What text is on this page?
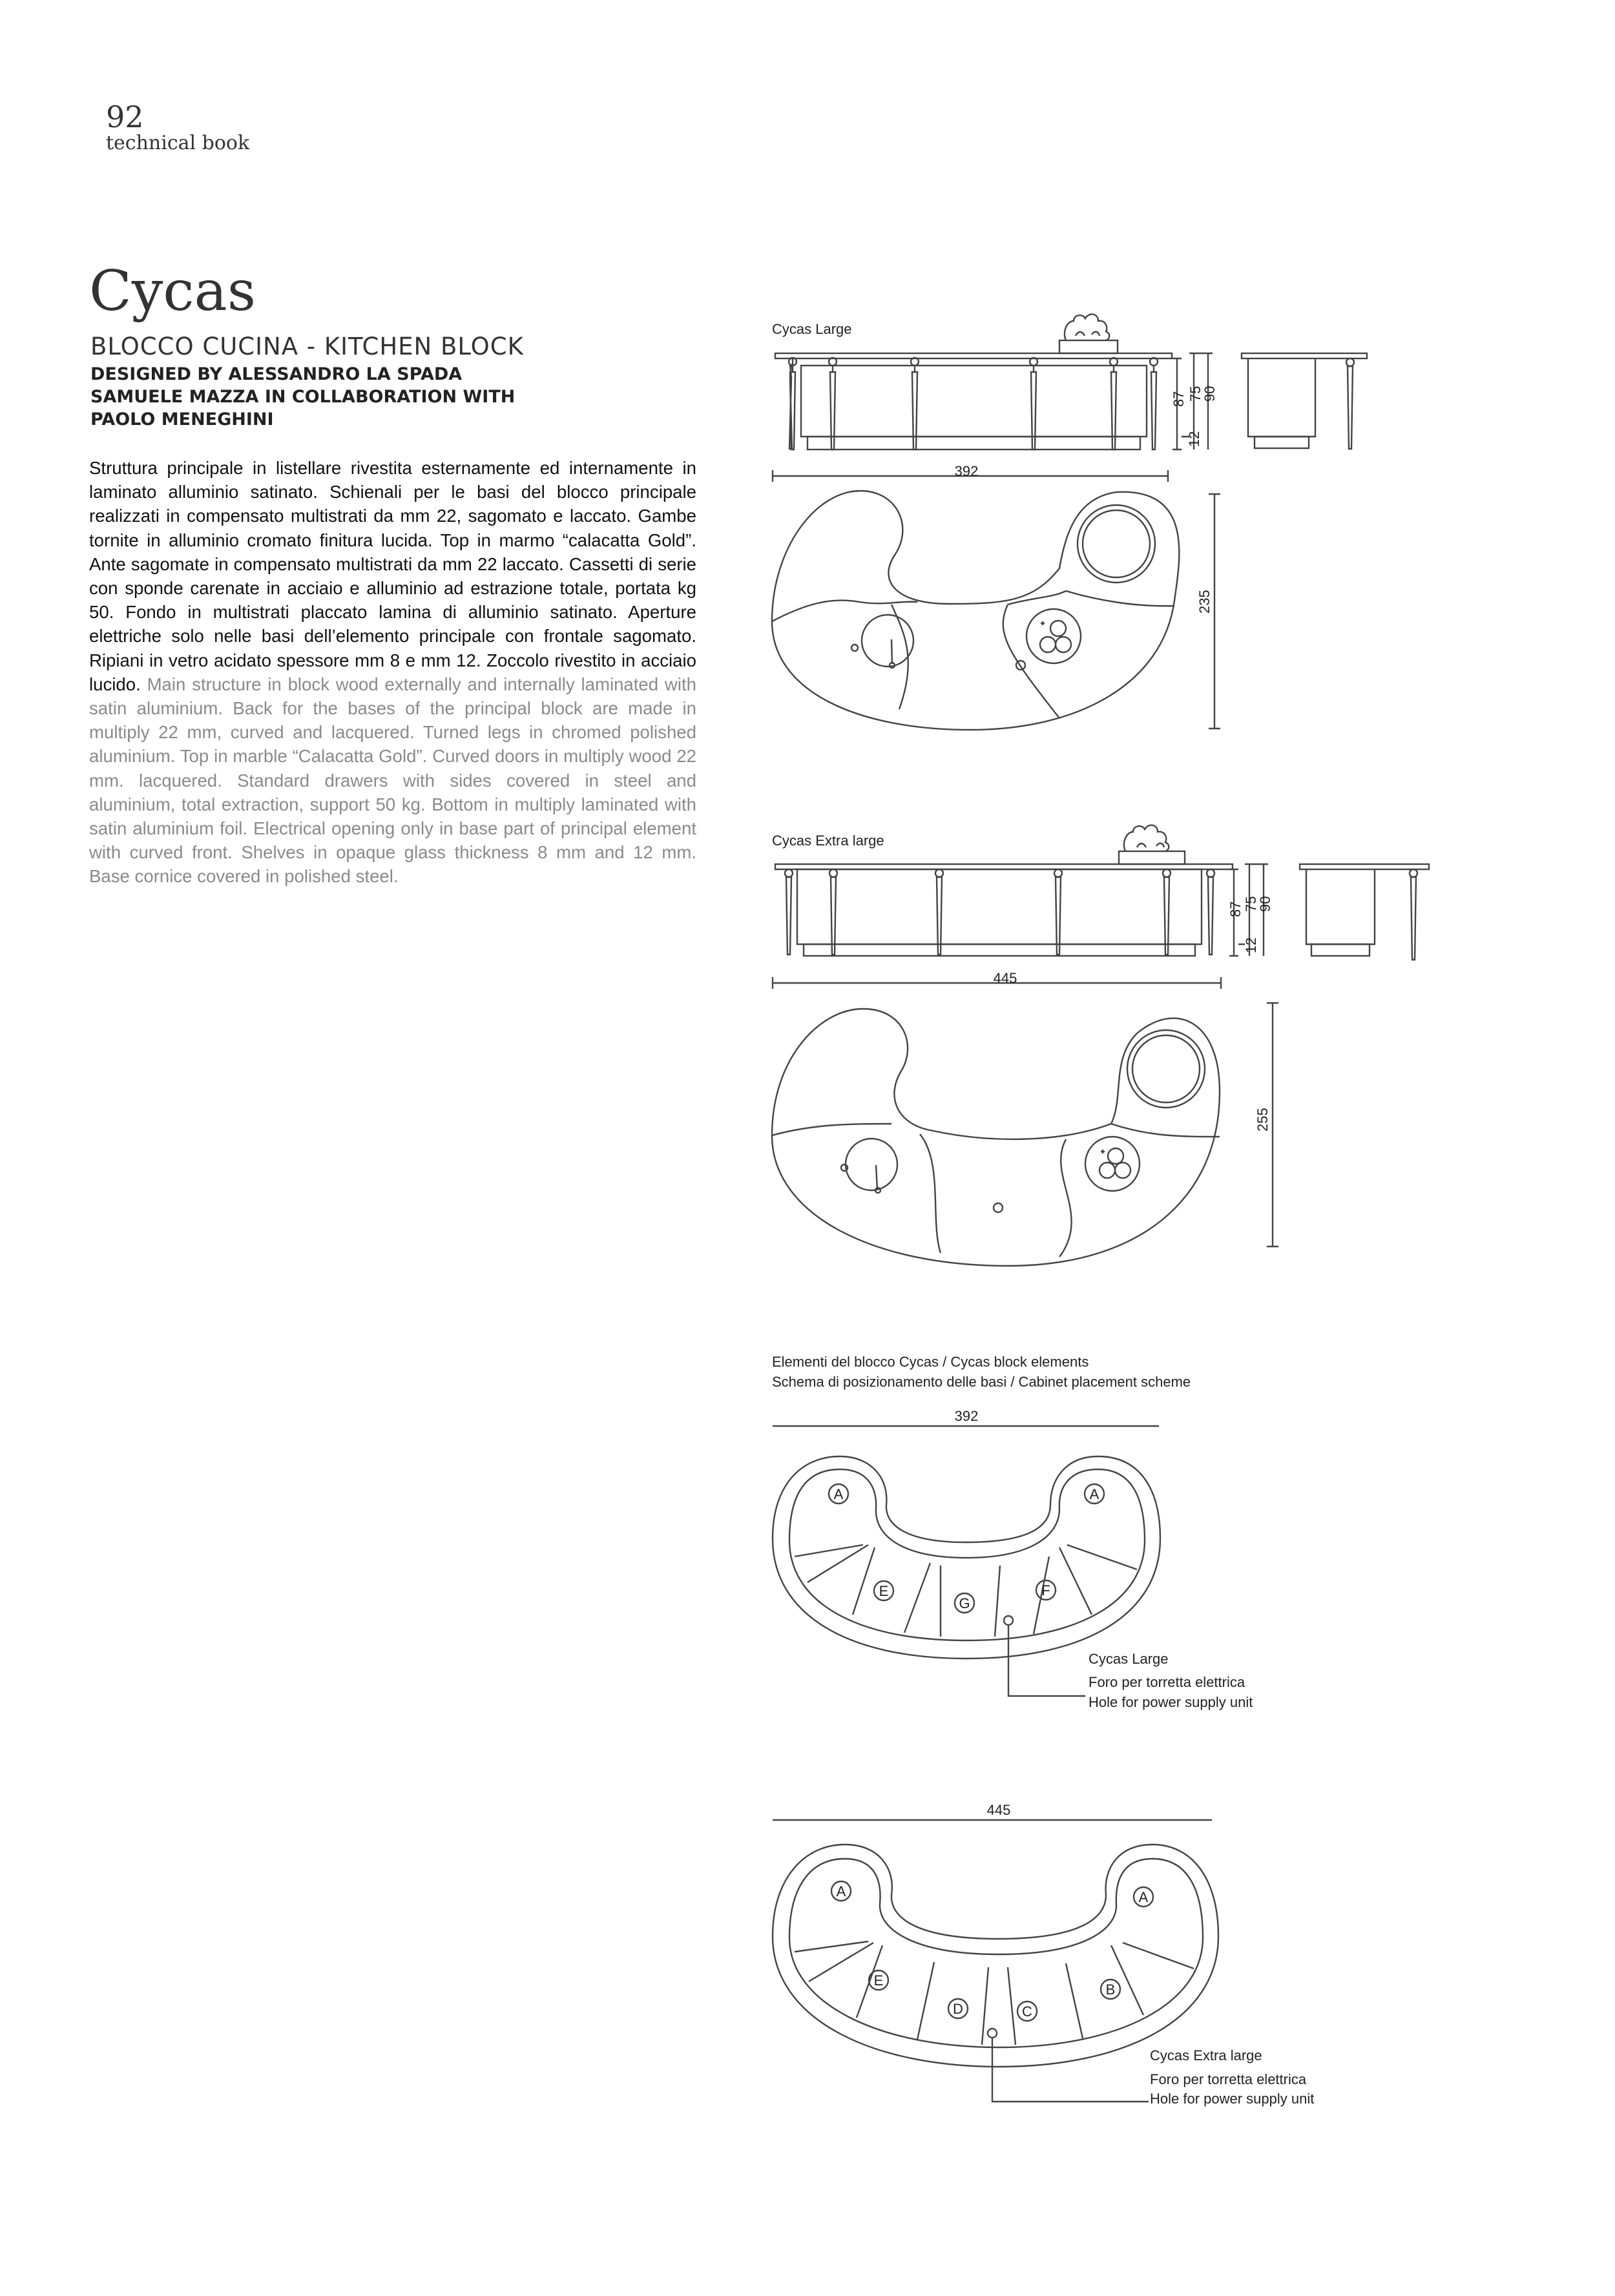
92
technical book
Cycas
BLOCCO CUCINA - KITCHEN BLOCK
DESIGNED BY ALESSANDRO LA SPADA
SAMUELE MAZZA IN COLLABORATION WITH
PAOLO MENEGHINI
Struttura principale in listellare rivestita esternamente ed internamente in laminato alluminio satinato. Schienali per le basi del blocco principale realizzati in compensato multistrati da mm 22, sagomato e laccato. Gambe tornite in alluminio cromato finitura lucida. Top in marmo “calacatta Gold”. Ante sagomate in compensato multistrati da mm 22 laccato. Cassetti di serie con sponde carenate in acciaio e alluminio ad estrazione totale, portata kg 50. Fondo in multistrati placcato lamina di alluminio satinato. Aperture elettriche solo nelle basi dell’elemento principale con frontale sagomato. Ripiani in vetro acidato spessore mm 8 e mm 12. Zoccolo rivestito in acciaio lucido. Main structure in block wood externally and internally laminated with satin aluminium. Back for the bases of the principal block are made in multiply 22 mm, curved and lacquered. Turned legs in chromed polished aluminium. Top in marble “Calacatta Gold”. Curved doors in multiply wood 22 mm. lacquered. Standard drawers with sides covered in steel and aluminium, total extraction, support 50 kg. Bottom in multiply laminated with satin aluminium foil. Electrical opening only in base part of principal element with curved front. Shelves in opaque glass thickness 8 mm and 12 mm. Base cornice covered in polished steel.
Cycas Large
87 75
90
12
392
235
Cycas Extra large
87 75
90
12
445
255
Elementi del blocco Cycas / Cycas block elements
Schema di posizionamento delle basi / Cabinet placement scheme
392
A	A
E
G
F
Cycas Large
Foro per torretta elettrica
Hole for power supply unit
445
A	A
E
D	C
B
Cycas Extra large
Foro per torretta elettrica
Hole for power supply unit
